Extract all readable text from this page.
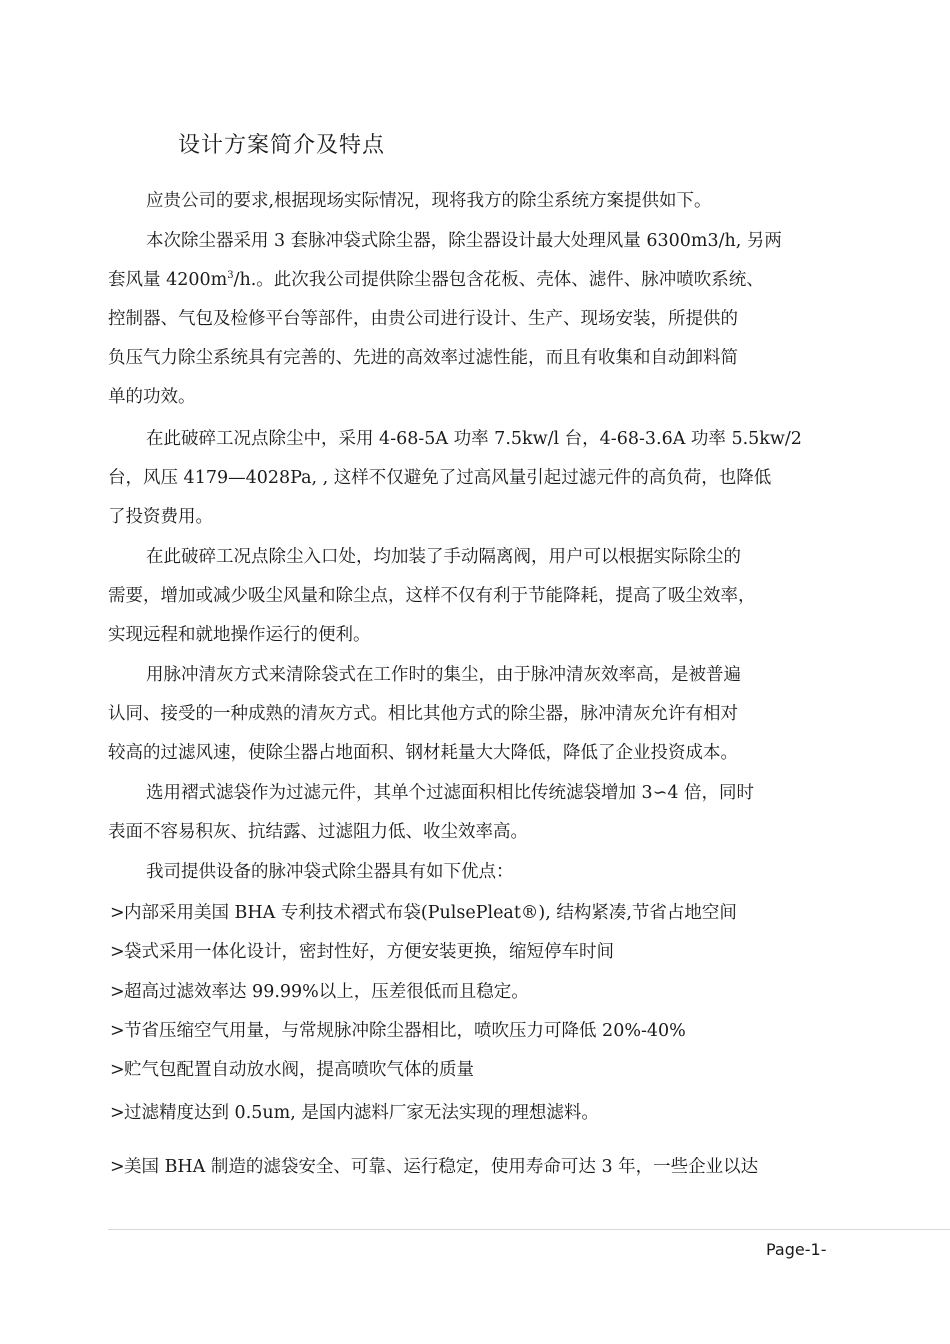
设计方案简介及特点
应贵公司的要求,根据现场实际情况，现将我方的除尘系统方案提供如下。
本次除尘器采用 3 套脉冲袋式除尘器，除尘器设计最大处理风量 6300m3/h, 另两
套风量 $4200m^3/h$.。此次我公司提供除尘器包含花板、壳体、滤件、脉冲喷吹系统、
控制器、气包及检修平台等部件，由贵公司进行设计、生产、现场安装，所提供的
负压气力除尘系统具有完善的、先进的高效率过滤性能，而且有收集和自动卸料简
单的功效。
在此破碎工况点除尘中，采用 4-68-5A 功率 7.5kw/l 台，4-68-3.6A 功率 5.5kw/2
台，风压 4179—4028Pa, , 这样不仅避免了过高风量引起过滤元件的高负荷，也降低
了投资费用。
在此破碎工况点除尘入口处，均加装了手动隔离阀，用户可以根据实际除尘的
需要，增加或减少吸尘风量和除尘点，这样不仅有利于节能降耗，提高了吸尘效率，
实现远程和就地操作运行的便利。
用脉冲清灰方式来清除袋式在工作时的集尘，由于脉冲清灰效率高，是被普遍
认同、接受的一种成熟的清灰方式。相比其他方式的除尘器，脉冲清灰允许有相对
较高的过滤风速，使除尘器占地面积、钢材耗量大大降低，降低了企业投资成本。
选用褶式滤袋作为过滤元件，其单个过滤面积相比传统滤袋增加 3∽4 倍，同时
表面不容易积灰、抗结露、过滤阻力低、收尘效率高。
我司提供设备的脉冲袋式除尘器具有如下优点：
>内部采用美国 BHA 专利技术褶式布袋(PulsePleat®), 结构紧凑,节省占地空间
>袋式采用一体化设计，密封性好，方便安装更换，缩短停车时间
>超高过滤效率达 99.99%以上，压差很低而且稳定。
>节省压缩空气用量，与常规脉冲除尘器相比，喷吹压力可降低 20%-40%
>贮气包配置自动放水阀，提高喷吹气体的质量
>过滤精度达到 0.5um, 是国内滤料厂家无法实现的理想滤料。
>美国 BHA 制造的滤袋安全、可靠、运行稳定，使用寿命可达 3 年，一些企业以达
Page-1-
